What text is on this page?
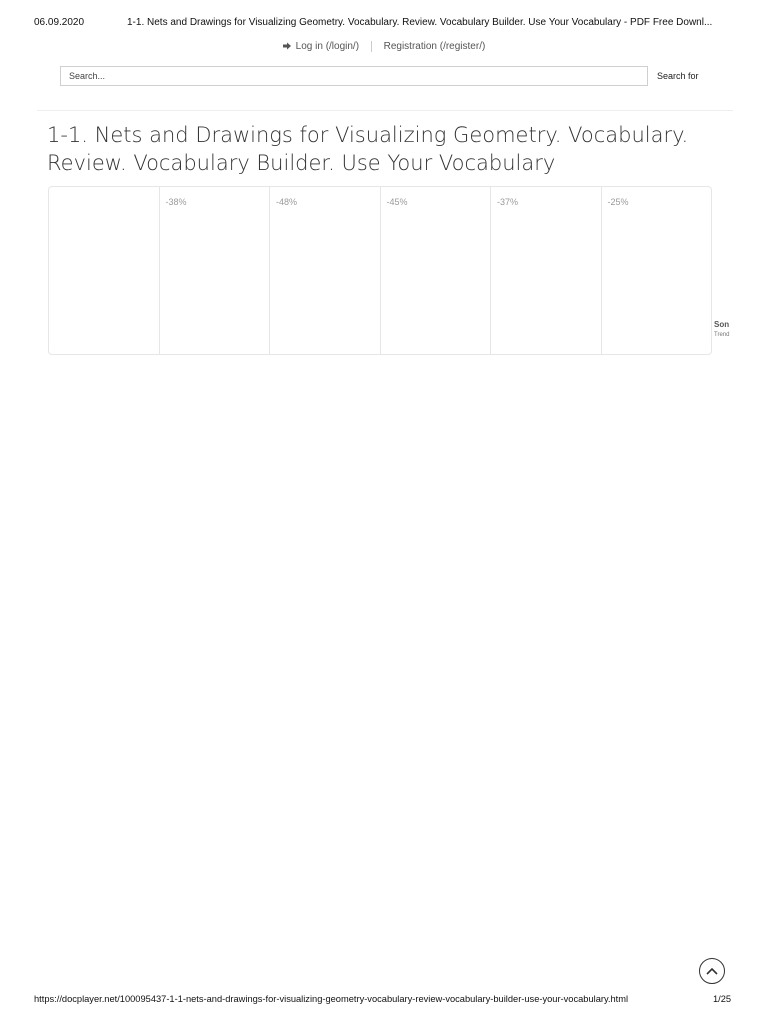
06.09.2020	1-1. Nets and Drawings for Visualizing Geometry. Vocabulary. Review. Vocabulary Builder. Use Your Vocabulary - PDF Free Downl...
Log in (/login/) Registration (/register/)
Search...
Search for
1-1. Nets and Drawings for Visualizing Geometry. Vocabulary. Review. Vocabulary Builder. Use Your Vocabulary
-38%	-48%	-45%	-37%	-25%
Son
Trend
https://docplayer.net/100095437-1-1-nets-and-drawings-for-visualizing-geometry-vocabulary-review-vocabulary-builder-use-your-vocabulary.html	1/25
